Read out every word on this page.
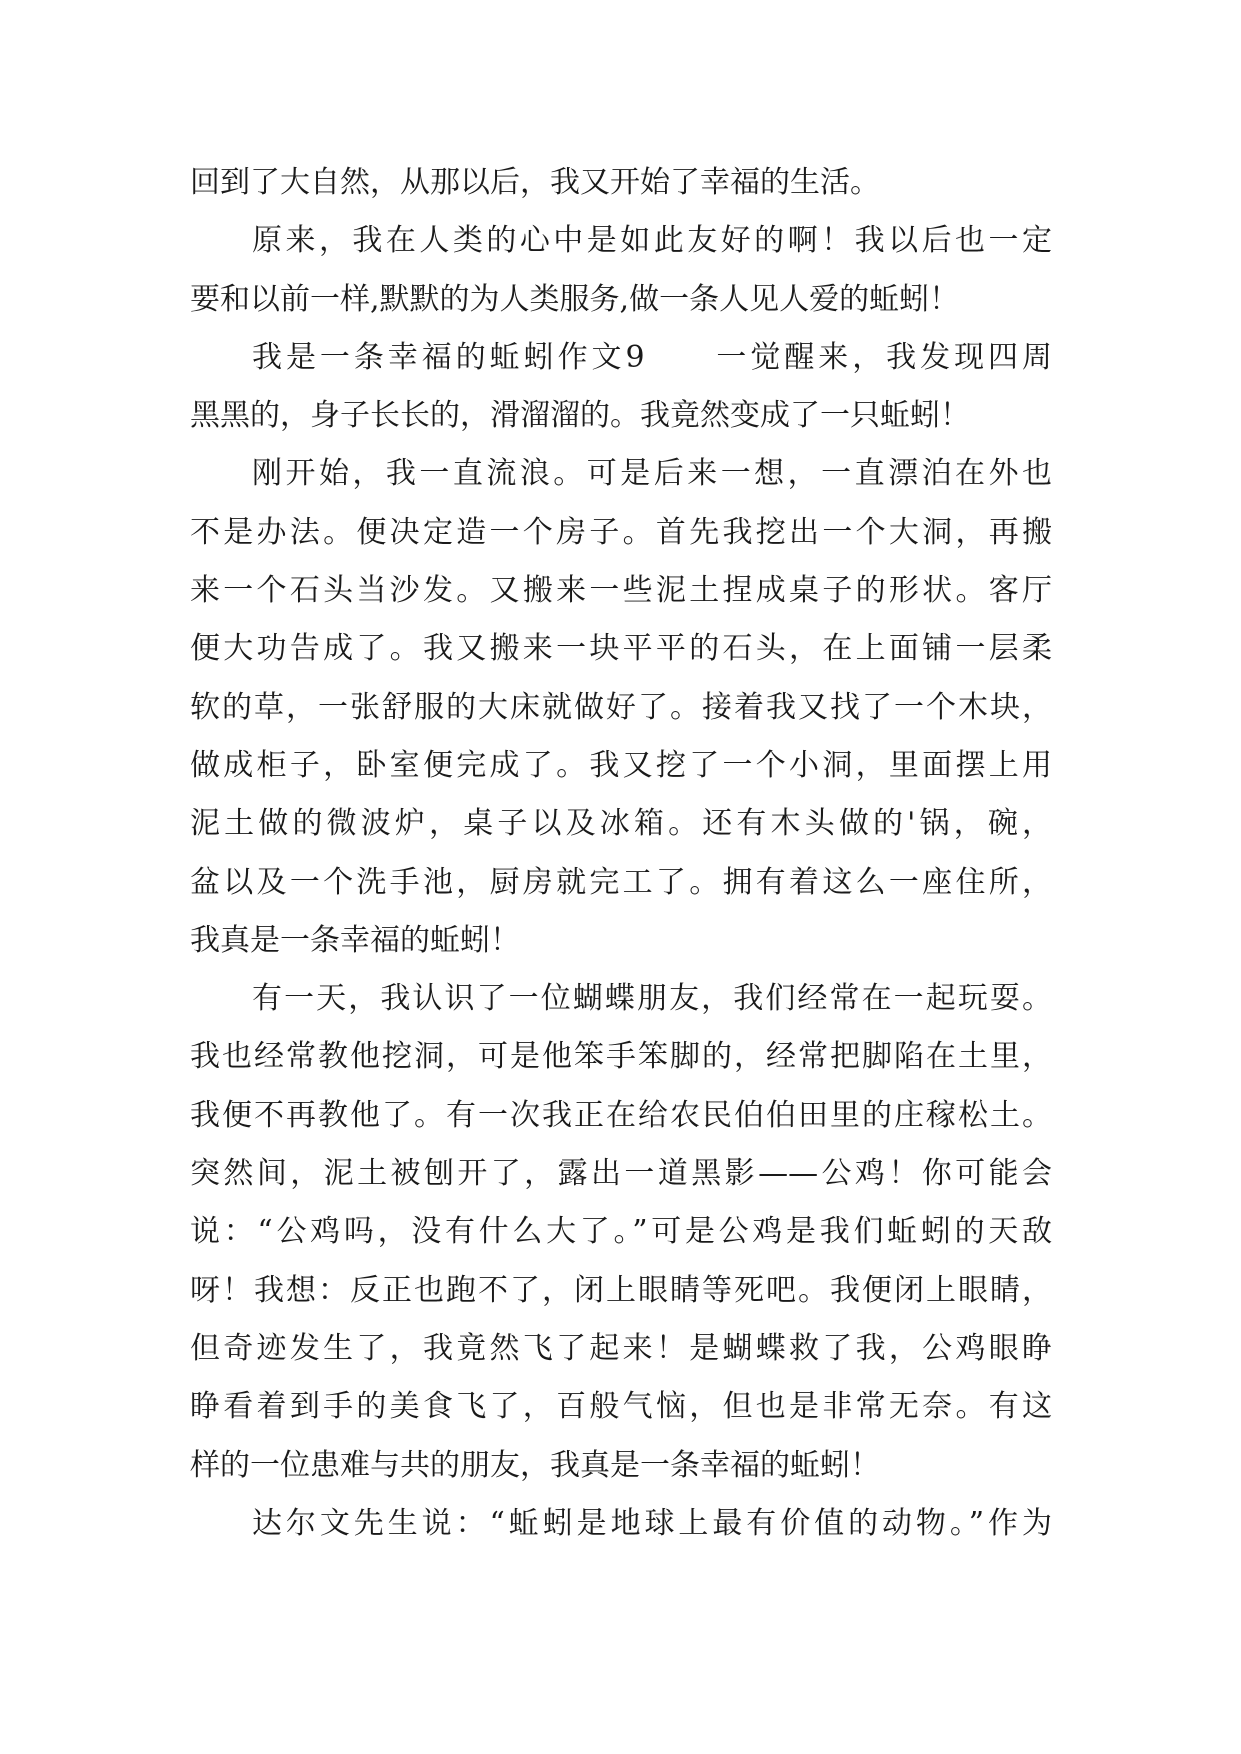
回到了大自然，从那以后，我又开始了幸福的生活。
原来，我在人类的心中是如此友好的啊！我以后也一定
要和以前一样,默默的为人类服务,做一条人见人爱的蚯蚓！
我是一条幸福的蚯蚓作文9　　一觉醒来，我发现四周
黑黑的，身子长长的，滑溜溜的。我竟然变成了一只蚯蚓！
刚开始，我一直流浪。可是后来一想，一直漂泊在外也
不是办法。便决定造一个房子。首先我挖出一个大洞，再搬
来一个石头当沙发。又搬来一些泥土捏成桌子的形状。客厅
便大功告成了。我又搬来一块平平的石头，在上面铺一层柔
软的草，一张舒服的大床就做好了。接着我又找了一个木块，
做成柜子，卧室便完成了。我又挖了一个小洞，里面摆上用
泥土做的微波炉，桌子以及冰箱。还有木头做的'锅，碗，
盆以及一个洗手池，厨房就完工了。拥有着这么一座住所，
我真是一条幸福的蚯蚓！
有一天，我认识了一位蝴蝶朋友，我们经常在一起玩耍。
我也经常教他挖洞，可是他笨手笨脚的，经常把脚陷在土里，
我便不再教他了。有一次我正在给农民伯伯田里的庄稼松土。
突然间，泥土被刨开了，露出一道黑影——公鸡！你可能会
说：“公鸡吗，没有什么大了。”可是公鸡是我们蚯蚓的天敌
呀！我想：反正也跑不了，闭上眼睛等死吧。我便闭上眼睛，
但奇迹发生了，我竟然飞了起来！是蝴蝶救了我，公鸡眼睁
睁看着到手的美食飞了，百般气恼，但也是非常无奈。有这
样的一位患难与共的朋友，我真是一条幸福的蚯蚓！
达尔文先生说：“蚯蚓是地球上最有价值的动物。”作为
